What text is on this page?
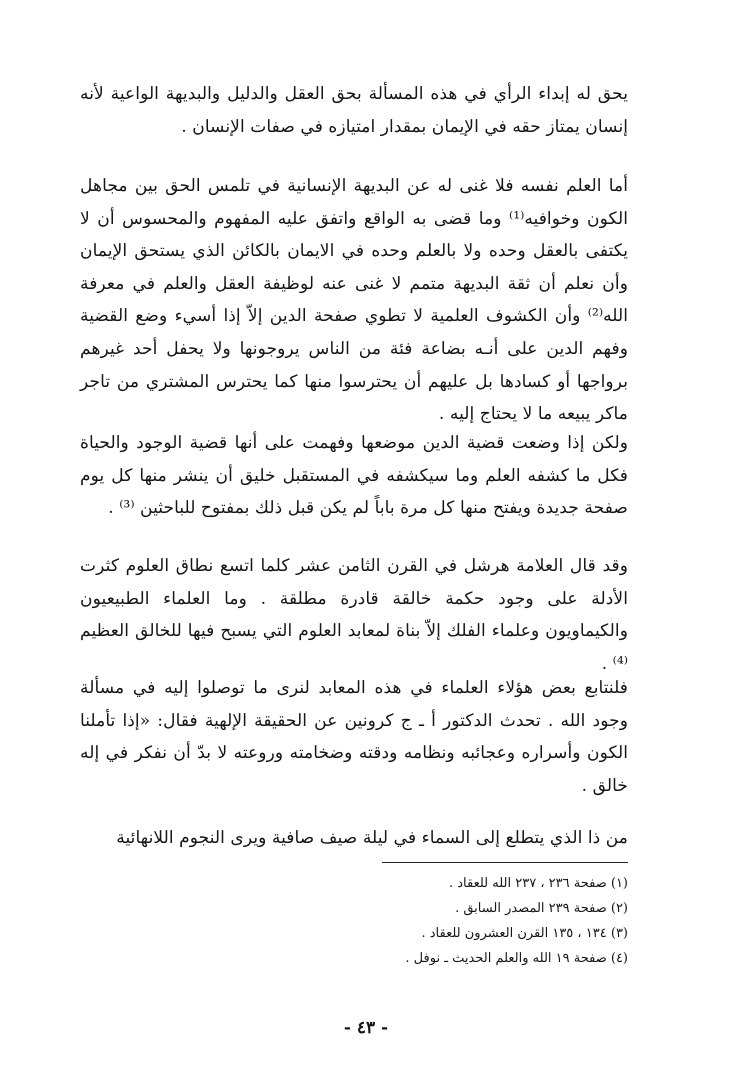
يحق له إبداء الرأي في هذه المسألة بحق العقل والدليل والبديهة الواعية لأنه إنسان يمتاز حقه في الإيمان بمقدار امتيازه في صفات الإنسان .

أما العلم نفسه فلا غنى له عن البديهة الإنسانية في تلمس الحق بين مجاهل الكون وخوافيه⁽¹⁾ وما قضى به الواقع واتفق عليه المفهوم والمحسوس أن لا يكتفى بالعقل وحده ولا بالعلم وحده في الايمان بالكائن الذي يستحق الإيمان وأن نعلم أن ثقة البديهة متمم لا غنى عنه لوظيفة العقل والعلم في معرفة الله⁽²⁾ وأن الكشوف العلمية لا تطوي صفحة الدين إلاّ إذا أسيء وضع القضية وفهم الدين على أنـه بضاعة فئة من الناس يروجونها ولا يحفل أحد غيرهم برواجها أو كسادها بل عليهم أن يحترسوا منها كما يحترس المشتري من تاجر ماكر يبيعه ما لا يحتاج إليه .

ولكن إذا وضعت قضية الدين موضعها وفهمت على أنها قضية الوجود والحياة فكل ما كشفه العلم وما سيكشفه في المستقبل خليق أن ينشر منها كل يوم صفحة جديدة ويفتح منها كل مرة باباً لم يكن قبل ذلك بمفتوح للباحثين ⁽³⁾ .

وقد قال العلامة هرشل في القرن الثامن عشر كلما اتسع نطاق العلوم كثرت الأدلة على وجود حكمة خالقة قادرة مطلقة . وما العلماء الطبيعيون والكيماويون وعلماء الفلك إلاّ بناة لمعابد العلوم التي يسبح فيها للخالق العظيم ⁽⁴⁾ .

فلنتابع بعض هؤلاء العلماء في هذه المعابد لنرى ما توصلوا إليه في مسألة وجود الله . تحدث الدكتور أ ـ ج كرونين عن الحقيقة الإلهية فقال: «إذا تأملنا الكون وأسراره وعجائبه ونظامه ودقته وضخامته وروعته لا بدّ أن نفكر في إله خالق .

من ذا الذي يتطلع إلى السماء في ليلة صيف صافية ويرى النجوم اللانهائية

(١) صفحة ٢٣٦ ، ٢٣٧ الله للعقاد .
(٢) صفحة ٢٣٩ المصدر السابق .
(٣) ١٣٤ ، ١٣٥ القرن العشرون للعقاد .
(٤) صفحة ١٩ الله والعلم الحديث ـ نوفل .
- ٤٣ -
